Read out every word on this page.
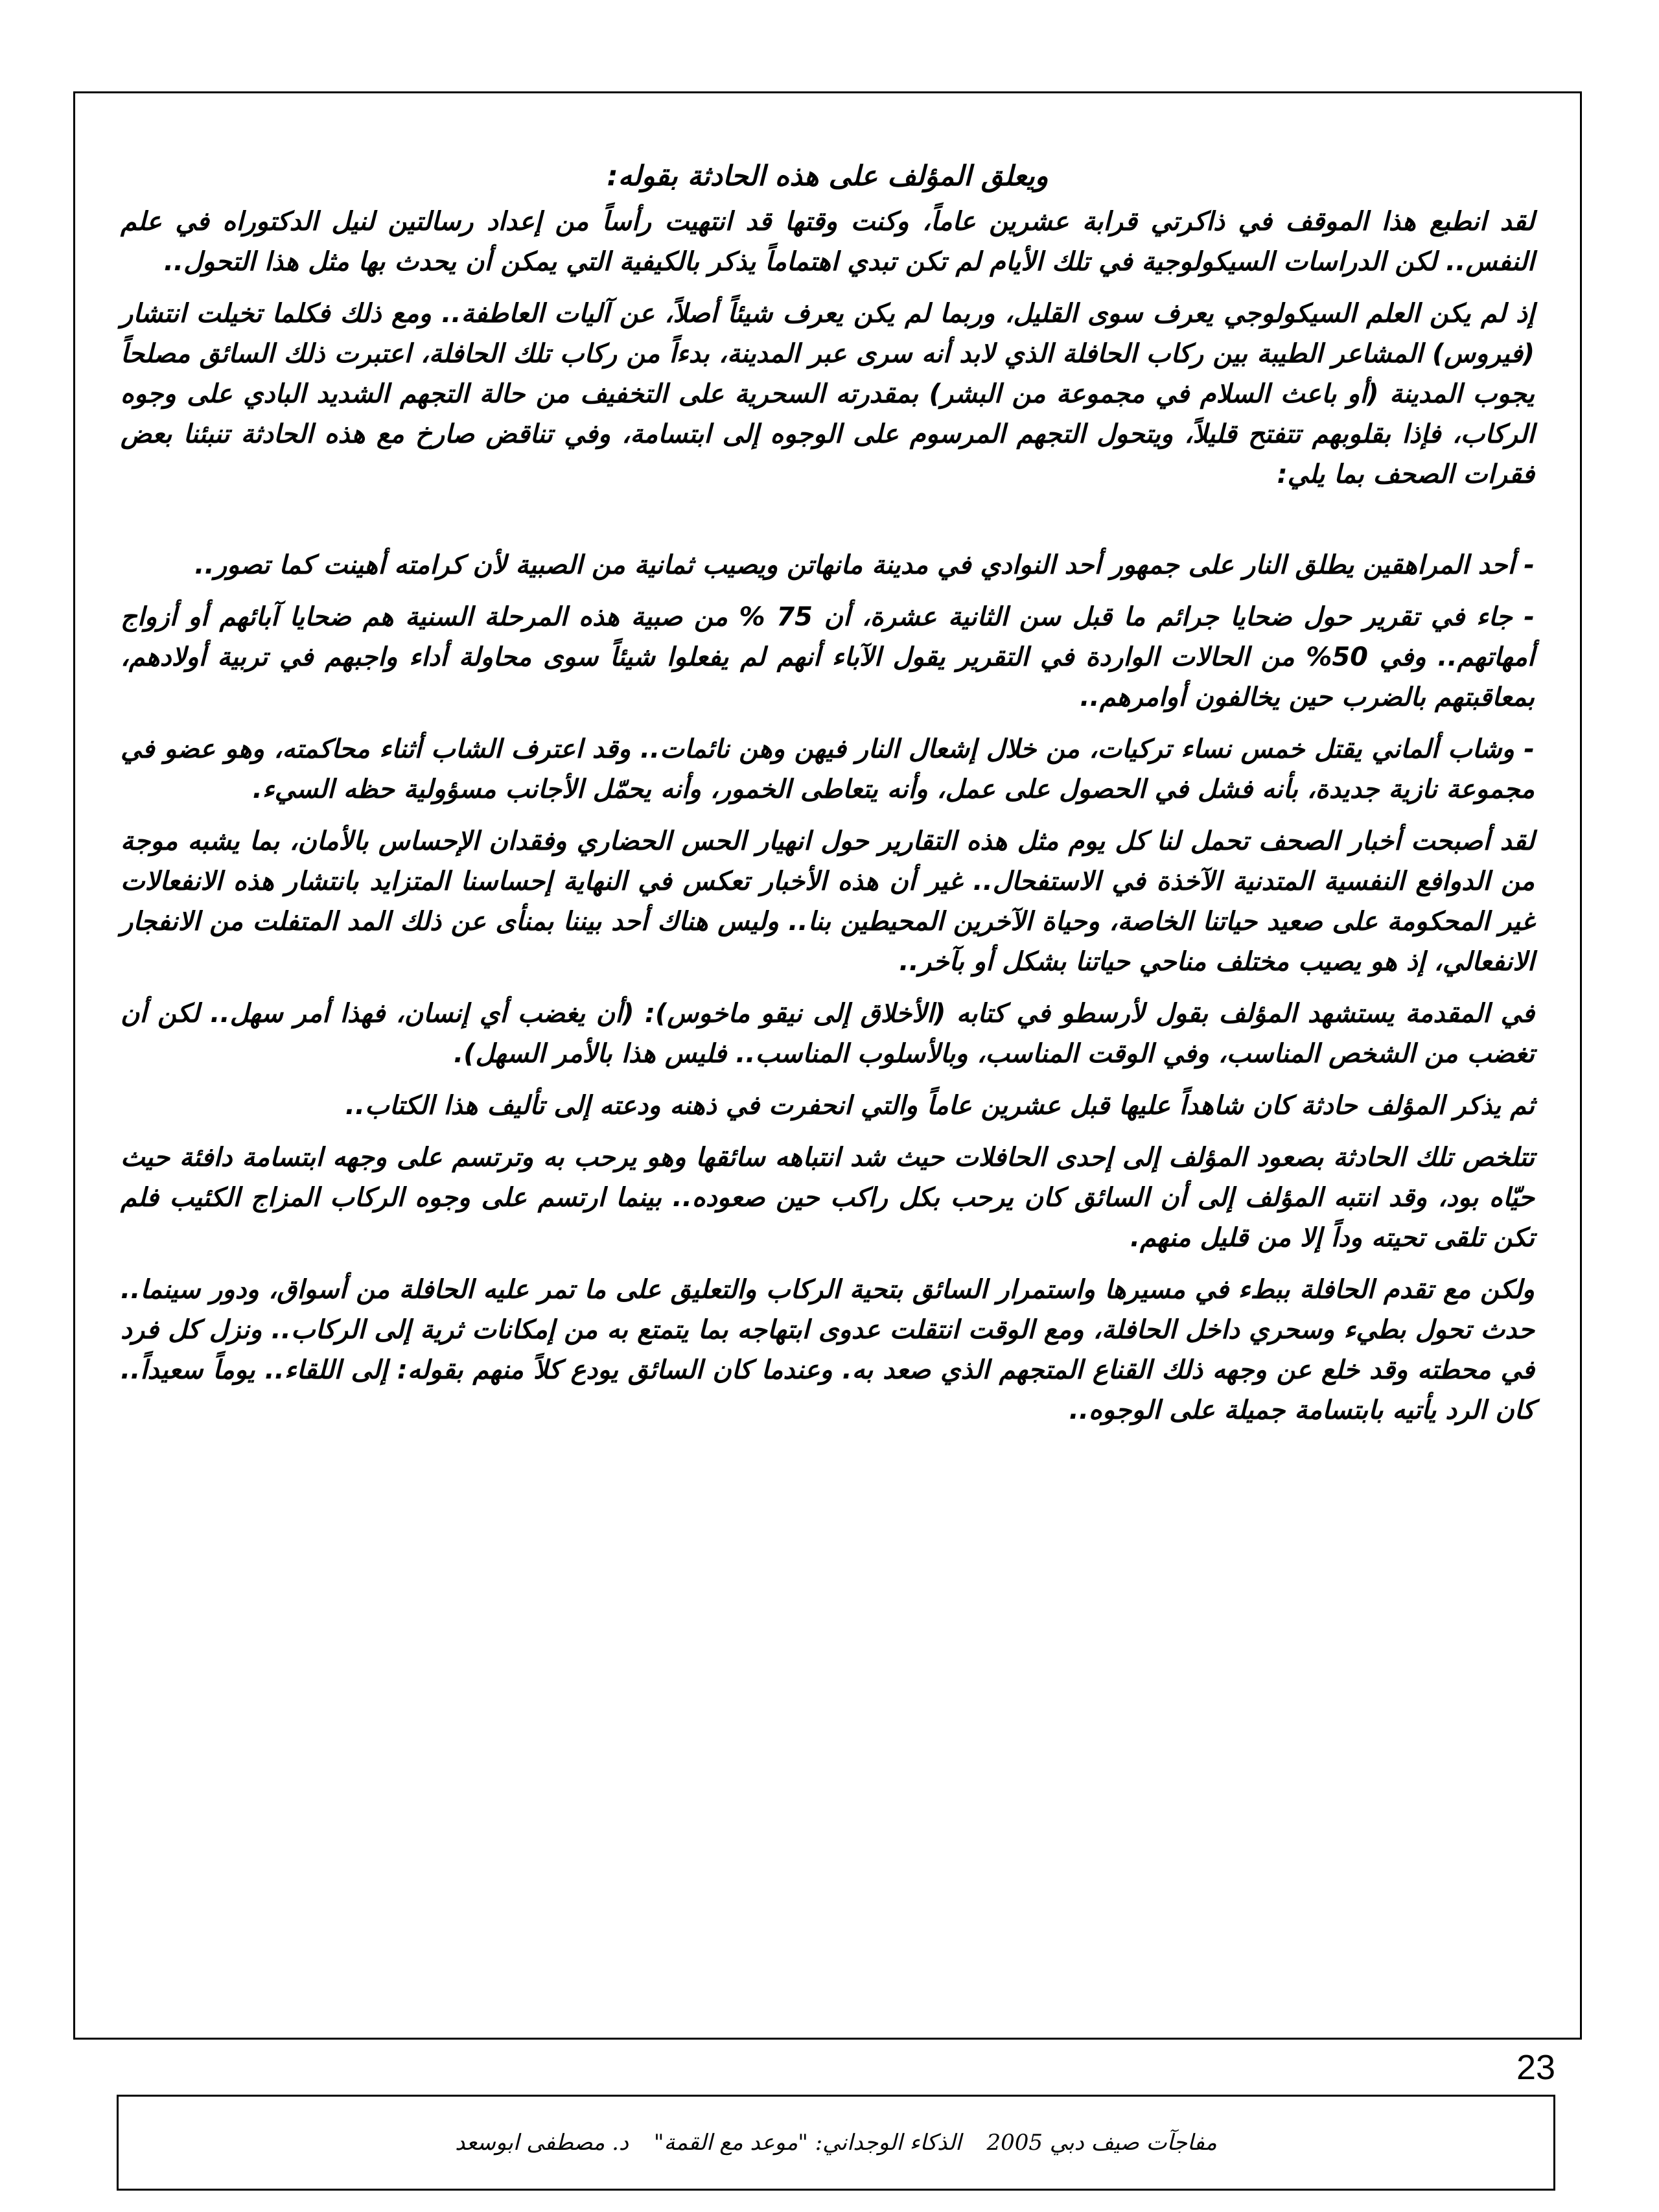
ويعلق المؤلف على هذه الحادثة بقوله:

لقد انطبع هذا الموقف في ذاكرتي قرابة عشرين عاماً، وكنت وقتها قد انتهيت رأساً من إعداد رسالتين لنيل الدكتوراه في علم النفس.. لكن الدراسات السيكولوجية في تلك الأيام لم تكن تبدي اهتماماً يذكر بالكيفية التي يمكن أن يحدث بها مثل هذا التحول..

إذ لم يكن العلم السيكولوجي يعرف سوى القليل، وربما لم يكن يعرف شيئاً أصلاً، عن آليات العاطفة.. ومع ذلك فكلما تخيلت انتشار (فيروس) المشاعر الطيبة بين ركاب الحافلة الذي لابد أنه سرى عبر المدينة، بدءاً من ركاب تلك الحافلة، اعتبرت ذلك السائق مصلحاً يجوب المدينة (أو باعث السلام في مجموعة من البشر) بمقدرته السحرية على التخفيف من حالة التجهم الشديد البادي على وجوه الركاب، فإذا بقلوبهم تتفتح قليلاً، ويتحول التجهم المرسوم على الوجوه إلى ابتسامة، وفي تناقض صارخ مع هذه الحادثة تنبئنا بعض فقرات الصحف بما يلي:

- أحد المراهقين يطلق النار على جمهور أحد النوادي في مدينة مانهاتن ويصيب ثمانية من الصبية لأن كرامته أهينت كما تصور..

- جاء في تقرير حول ضحايا جرائم ما قبل سن الثانية عشرة، أن 75 % من صبية هذه المرحلة السنية هم ضحايا آبائهم أو أزواج أمهاتهم.. وفي 50% من الحالات الواردة في التقرير يقول الآباء أنهم لم يفعلوا شيئاً سوى محاولة أداء واجبهم في تربية أولادهم، بمعاقبتهم بالضرب حين يخالفون أوامرهم..

- وشاب ألماني يقتل خمس نساء تركيات، من خلال إشعال النار فيهن وهن نائمات.. وقد اعترف الشاب أثناء محاكمته، وهو عضو في مجموعة نازية جديدة، بأنه فشل في الحصول على عمل، وأنه يتعاطى الخمور، وأنه يحمّل الأجانب مسؤولية حظه السيء.

لقد أصبحت أخبار الصحف تحمل لنا كل يوم مثل هذه التقارير حول انهيار الحس الحضاري وفقدان الإحساس بالأمان، بما يشبه موجة من الدوافع النفسية المتدنية الآخذة في الاستفحال.. غير أن هذه الأخبار تعكس في النهاية إحساسنا المتزايد بانتشار هذه الانفعالات غير المحكومة على صعيد حياتنا الخاصة، وحياة الآخرين المحيطين بنا.. وليس هناك أحد بيننا بمنأى عن ذلك المد المتفلت من الانفجار الانفعالي، إذ هو يصيب مختلف مناحي حياتنا بشكل أو بآخر..

في المقدمة يستشهد المؤلف بقول لأرسطو في كتابه (الأخلاق إلى نيقو ماخوس): (أن يغضب أي إنسان، فهذا أمر سهل.. لكن أن تغضب من الشخص المناسب، وفي الوقت المناسب، وبالأسلوب المناسب.. فليس هذا بالأمر السهل).

ثم يذكر المؤلف حادثة كان شاهداً عليها قبل عشرين عاماً والتي انحفرت في ذهنه ودعته إلى تأليف هذا الكتاب..

تتلخص تلك الحادثة بصعود المؤلف إلى إحدى الحافلات حيث شد انتباهه سائقها وهو يرحب به وترتسم على وجهه ابتسامة دافئة حيث حيّاه بود، وقد انتبه المؤلف إلى أن السائق كان يرحب بكل راكب حين صعوده.. بينما ارتسم على وجوه الركاب المزاج الكئيب فلم تكن تلقى تحيته وداً إلا من قليل منهم.

ولكن مع تقدم الحافلة ببطء في مسيرها واستمرار السائق بتحية الركاب والتعليق على ما تمر عليه الحافلة من أسواق، ودور سينما.. حدث تحول بطيء وسحري داخل الحافلة، ومع الوقت انتقلت عدوى ابتهاجه بما يتمتع به من إمكانات ثرية إلى الركاب.. ونزل كل فرد في محطته وقد خلع عن وجهه ذلك القناع المتجهم الذي صعد به. وعندما كان السائق يودع كلاً منهم بقوله: إلى اللقاء.. يوماً سعيداً.. كان الرد يأتيه بابتسامة جميلة على الوجوه..

23
مفاجآت صيف دبي 2005 الذكاء الوجداني: "موعد مع القمة" د. مصطفى ابوسعد
